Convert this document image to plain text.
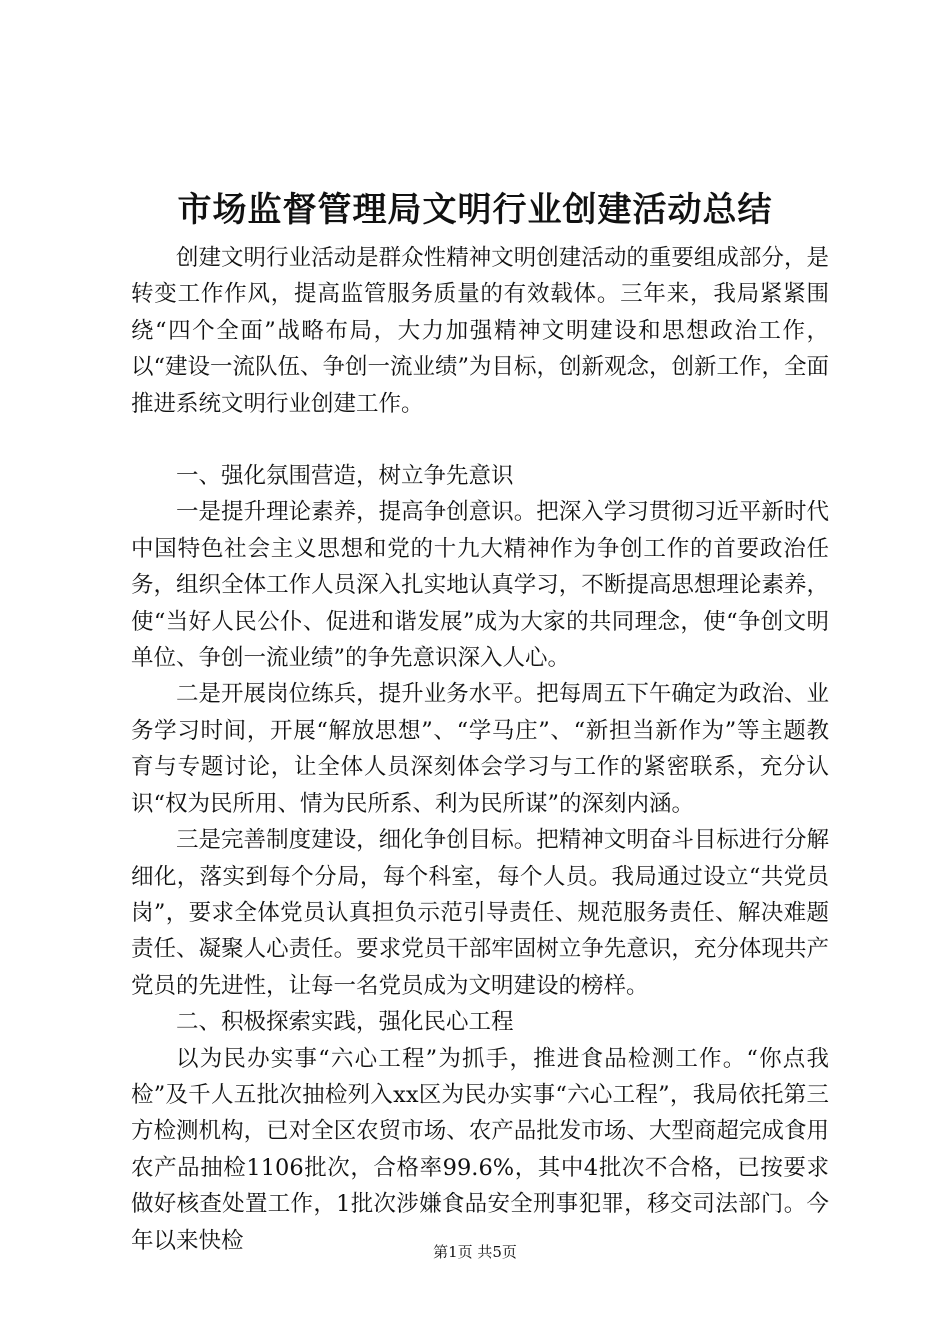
市场监督管理局文明行业创建活动总结

创建文明行业活动是群众性精神文明创建活动的重要组成部分，是转变工作作风，提高监管服务质量的有效载体。三年来，我局紧紧围绕“四个全面”战略布局，大力加强精神文明建设和思想政治工作，以“建设一流队伍、争创一流业绩”为目标，创新观念，创新工作，全面推进系统文明行业创建工作。

一、强化氛围营造，树立争先意识

一是提升理论素养，提高争创意识。把深入学习贯彻习近平新时代中国特色社会主义思想和党的十九大精神作为争创工作的首要政治任务，组织全体工作人员深入扎实地认真学习，不断提高思想理论素养，使“当好人民公仆、促进和谐发展”成为大家的共同理念，使“争创文明单位、争创一流业绩”的争先意识深入人心。

二是开展岗位练兵，提升业务水平。把每周五下午确定为政治、业务学习时间，开展“解放思想”、“学马庄”、“新担当新作为”等主题教育与专题讨论，让全体人员深刻体会学习与工作的紧密联系，充分认识“权为民所用、情为民所系、利为民所谋”的深刻内涵。

三是完善制度建设，细化争创目标。把精神文明奋斗目标进行分解细化，落实到每个分局，每个科室，每个人员。我局通过设立“共党员岗”，要求全体党员认真担负示范引导责任、规范服务责任、解决难题责任、凝聚人心责任。要求党员干部牢固树立争先意识，充分体现共产党员的先进性，让每一名党员成为文明建设的榜样。

二、积极探索实践，强化民心工程

以为民办实事“六心工程”为抓手，推进食品检测工作。“你点我检”及千人五批次抽检列入xx区为民办实事“六心工程”，我局依托第三方检测机构，已对全区农贸市场、农产品批发市场、大型商超完成食用农产品抽检1106批次，合格率99.6%，其中4批次不合格，已按要求做好核查处置工作，1批次涉嫌食品安全刑事犯罪，移交司法部门。今年以来快检	第1页 共5页
